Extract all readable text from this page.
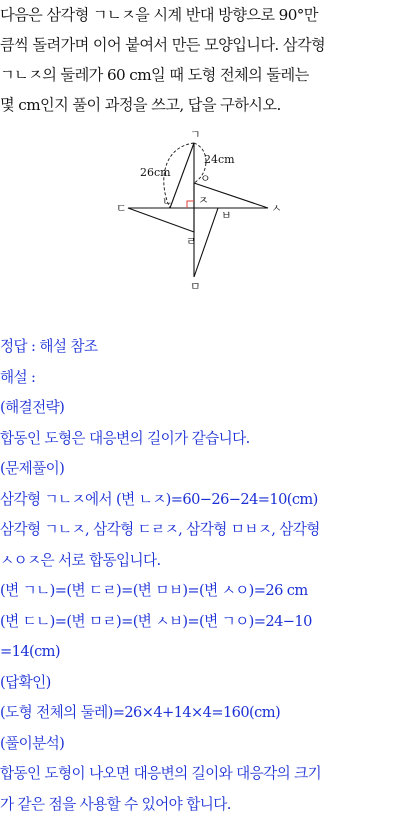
다음은 삼각형 ㄱㄴㅈ을 시계 반대 방향으로 90°만
큼씩 돌려가며 이어 붙여서 만든 모양입니다. 삼각형
ㄱㄴㅈ의 둘레가 60 cm일 때 도형 전체의 둘레는
몇 cm인지 풀이 과정을 쓰고, 답을 구하시오.
ㄱ
ㄴ
ㄷ
ㄹ
ㅁ
ㅂ
ㅅ
ㅇ
ㅈ
26cm
24cm
정답 : 해설 참조
해설 :
(해결전략)
합동인 도형은 대응변의 길이가 같습니다.
(문제풀이)
삼각형 ㄱㄴㅈ에서 (변 ㄴㅈ)=60−26−24=10(cm)
삼각형 ㄱㄴㅈ, 삼각형 ㄷㄹㅈ, 삼각형 ㅁㅂㅈ, 삼각형
ㅅㅇㅈ은 서로 합동입니다.
(변 ㄱㄴ)=(변 ㄷㄹ)=(변 ㅁㅂ)=(변 ㅅㅇ)=26 cm
(변 ㄷㄴ)=(변 ㅁㄹ)=(변 ㅅㅂ)=(변 ㄱㅇ)=24−10
=14(cm)
(답확인)
(도형 전체의 둘레)=26×4+14×4=160(cm)
(풀이분석)
합동인 도형이 나오면 대응변의 길이와 대응각의 크기
가 같은 점을 사용할 수 있어야 합니다.
